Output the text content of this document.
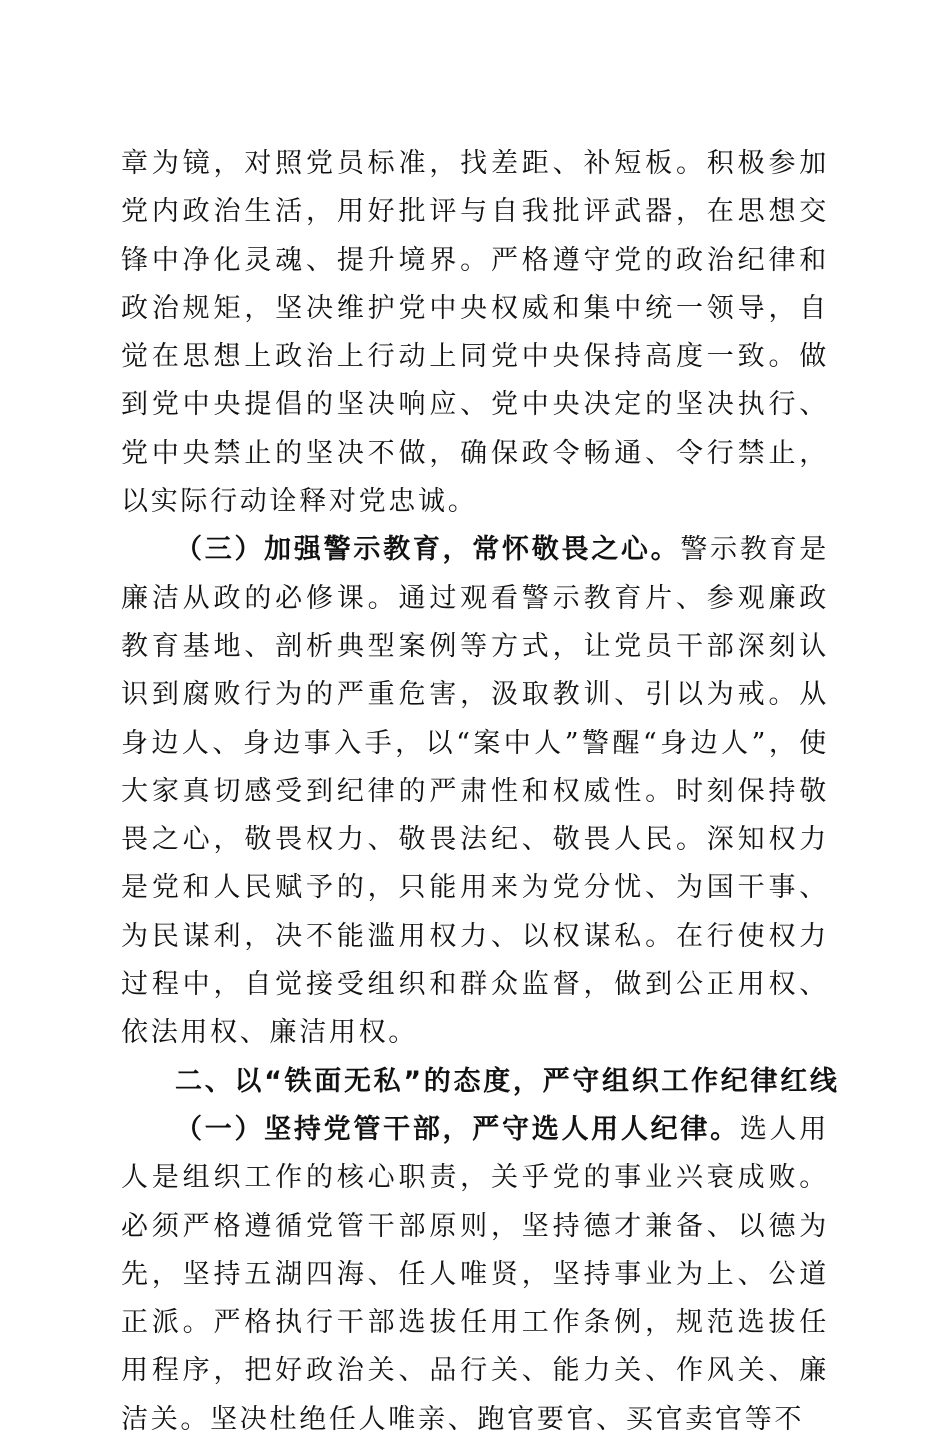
章为镜，对照党员标准，找差距、补短板。积极参加党内政治生活，用好批评与自我批评武器，在思想交锋中净化灵魂、提升境界。严格遵守党的政治纪律和政治规矩，坚决维护党中央权威和集中统一领导，自觉在思想上政治上行动上同党中央保持高度一致。做到党中央提倡的坚决响应、党中央决定的坚决执行、党中央禁止的坚决不做，确保政令畅通、令行禁止，以实际行动诠释对党忠诚。

（三）加强警示教育，常怀敬畏之心。警示教育是廉洁从政的必修课。通过观看警示教育片、参观廉政教育基地、剖析典型案例等方式，让党员干部深刻认识到腐败行为的严重危害，汲取教训、引以为戒。从身边人、身边事入手，以“案中人”警醒“身边人”，使大家真切感受到纪律的严肃性和权威性。时刻保持敬畏之心，敬畏权力、敬畏法纪、敬畏人民。深知权力是党和人民赋予的，只能用来为党分忧、为国干事、为民谋利，决不能滥用权力、以权谋私。在行使权力过程中，自觉接受组织和群众监督，做到公正用权、依法用权、廉洁用权。

二、以“铁面无私”的态度，严守组织工作纪律红线

（一）坚持党管干部，严守选人用人纪律。选人用人是组织工作的核心职责，关乎党的事业兴衰成败。必须严格遵循党管干部原则，坚持德才兼备、以德为先，坚持五湖四海、任人唯贤，坚持事业为上、公道正派。严格执行干部选拔任用工作条例，规范选拔任用程序，把好政治关、品行关、能力关、作风关、廉洁关。坚决杜绝任人唯亲、跑官要官、买官卖官等不
